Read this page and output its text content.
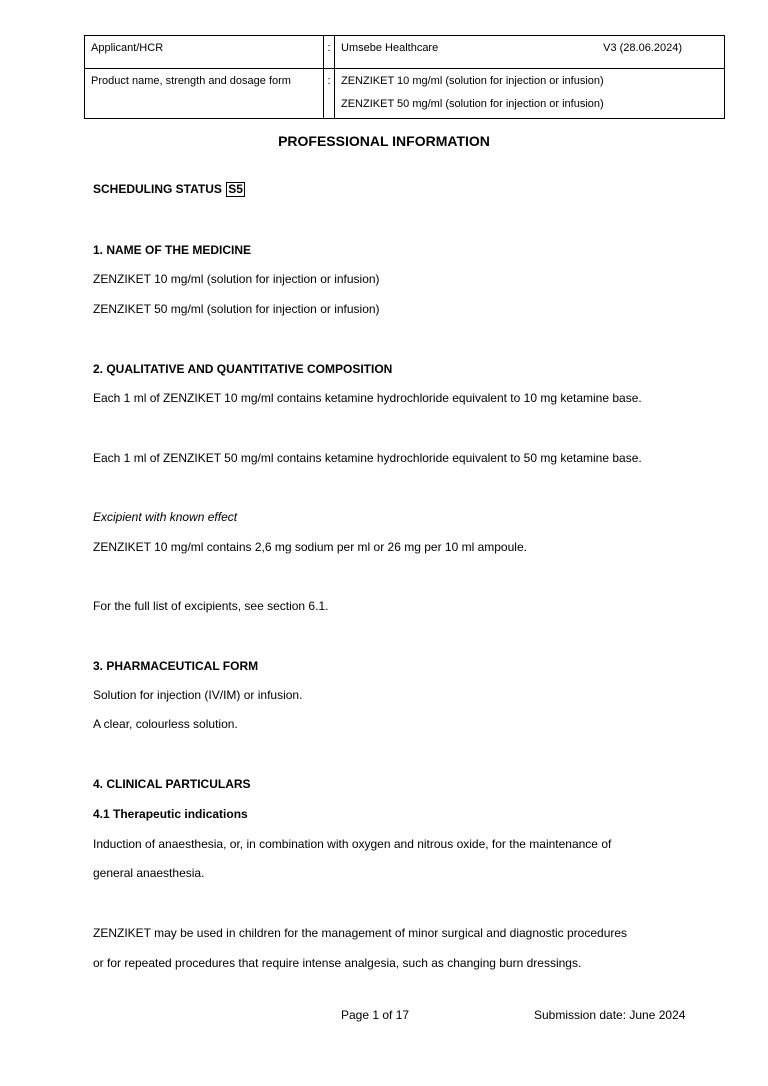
Applicant/HCR	:	Umsebe Healthcare V3 (28.06.2024)

Product name, strength and dosage form	:	ZENZIKET 10 mg/ml (solution for injection or infusion)
ZENZIKET 50 mg/ml (solution for injection or infusion)
PROFESSIONAL INFORMATION
SCHEDULING STATUS S5
1. NAME OF THE MEDICINE
ZENZIKET 10 mg/ml (solution for injection or infusion)
ZENZIKET 50 mg/ml (solution for injection or infusion)
2. QUALITATIVE AND QUANTITATIVE COMPOSITION
Each 1 ml of ZENZIKET 10 mg/ml contains ketamine hydrochloride equivalent to 10 mg ketamine base.
Each 1 ml of ZENZIKET 50 mg/ml contains ketamine hydrochloride equivalent to 50 mg ketamine base.
Excipient with known effect
ZENZIKET 10 mg/ml contains 2,6 mg sodium per ml or 26 mg per 10 ml ampoule.
For the full list of excipients, see section 6.1.
3. PHARMACEUTICAL FORM
Solution for injection (IV/IM) or infusion.
A clear, colourless solution.
4. CLINICAL PARTICULARS
4.1 Therapeutic indications
Induction of anaesthesia, or, in combination with oxygen and nitrous oxide, for the maintenance of
general anaesthesia.
ZENZIKET may be used in children for the management of minor surgical and diagnostic procedures
or for repeated procedures that require intense analgesia, such as changing burn dressings.
Page 1 of 17	Submission date: June 2024
